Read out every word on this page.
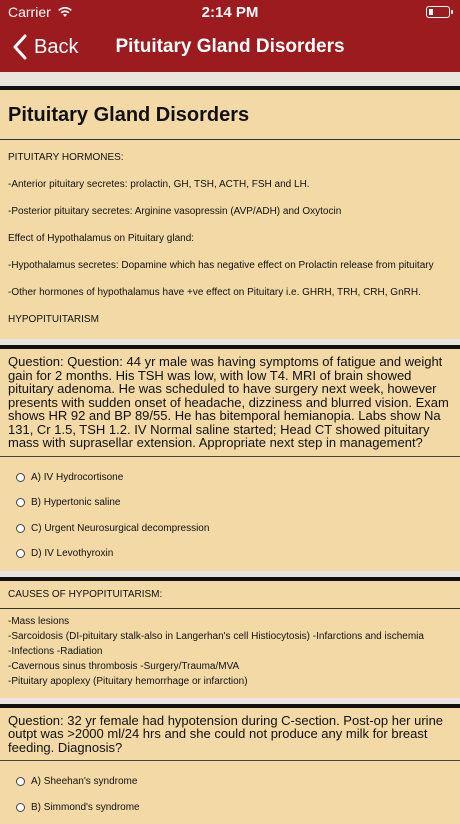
Carrier	2:14 PM
Back	Pituitary Gland Disorders
Pituitary Gland Disorders

PITUITARY HORMONES:

-Anterior pituitary secretes: prolactin, GH, TSH, ACTH, FSH and LH.

-Posterior pituitary secretes: Arginine vasopressin (AVP/ADH) and Oxytocin

Effect of Hypothalamus on Pituitary gland:

-Hypothalamus secretes: Dopamine which has negative effect on Prolactin release from pituitary

-Other hormones of hypothalamus have +ve effect on Pituitary i.e. GHRH, TRH, CRH, GnRH.

HYPOPITUITARISM

Question: Question: 44 yr male was having symptoms of fatigue and weight gain for 2 months. His TSH was low, with low T4. MRI of brain showed pituitary adenoma. He was scheduled to have surgery next week, however presents with sudden onset of headache, dizziness and blurred vision. Exam shows HR 92 and BP 89/55. He has bitemporal hemianopia. Labs show Na 131, Cr 1.5, TSH 1.2. IV Normal saline started; Head CT showed pituitary mass with suprasellar extension. Appropriate next step in management?
A) IV Hydrocortisone
B) Hypertonic saline
C) Urgent Neurosurgical decompression
D) IV Levothyroxin
CAUSES OF HYPOPITUITARISM:

-Mass lesions

-Sarcoidosis (DI-pituitary stalk-also in Langerhan's cell Histiocytosis) -Infarctions and ischemia

-Infections -Radiation

-Cavernous sinus thrombosis -Surgery/Trauma/MVA

-Pituitary apoplexy (Pituitary hemorrhage or infarction)

Question: 32 yr female had hypotension during C-section. Post-op her urine outpt was >2000 ml/24 hrs and she could not produce any milk for breast feeding. Diagnosis?
A) Sheehan's syndrome
B) Simmond's syndrome
